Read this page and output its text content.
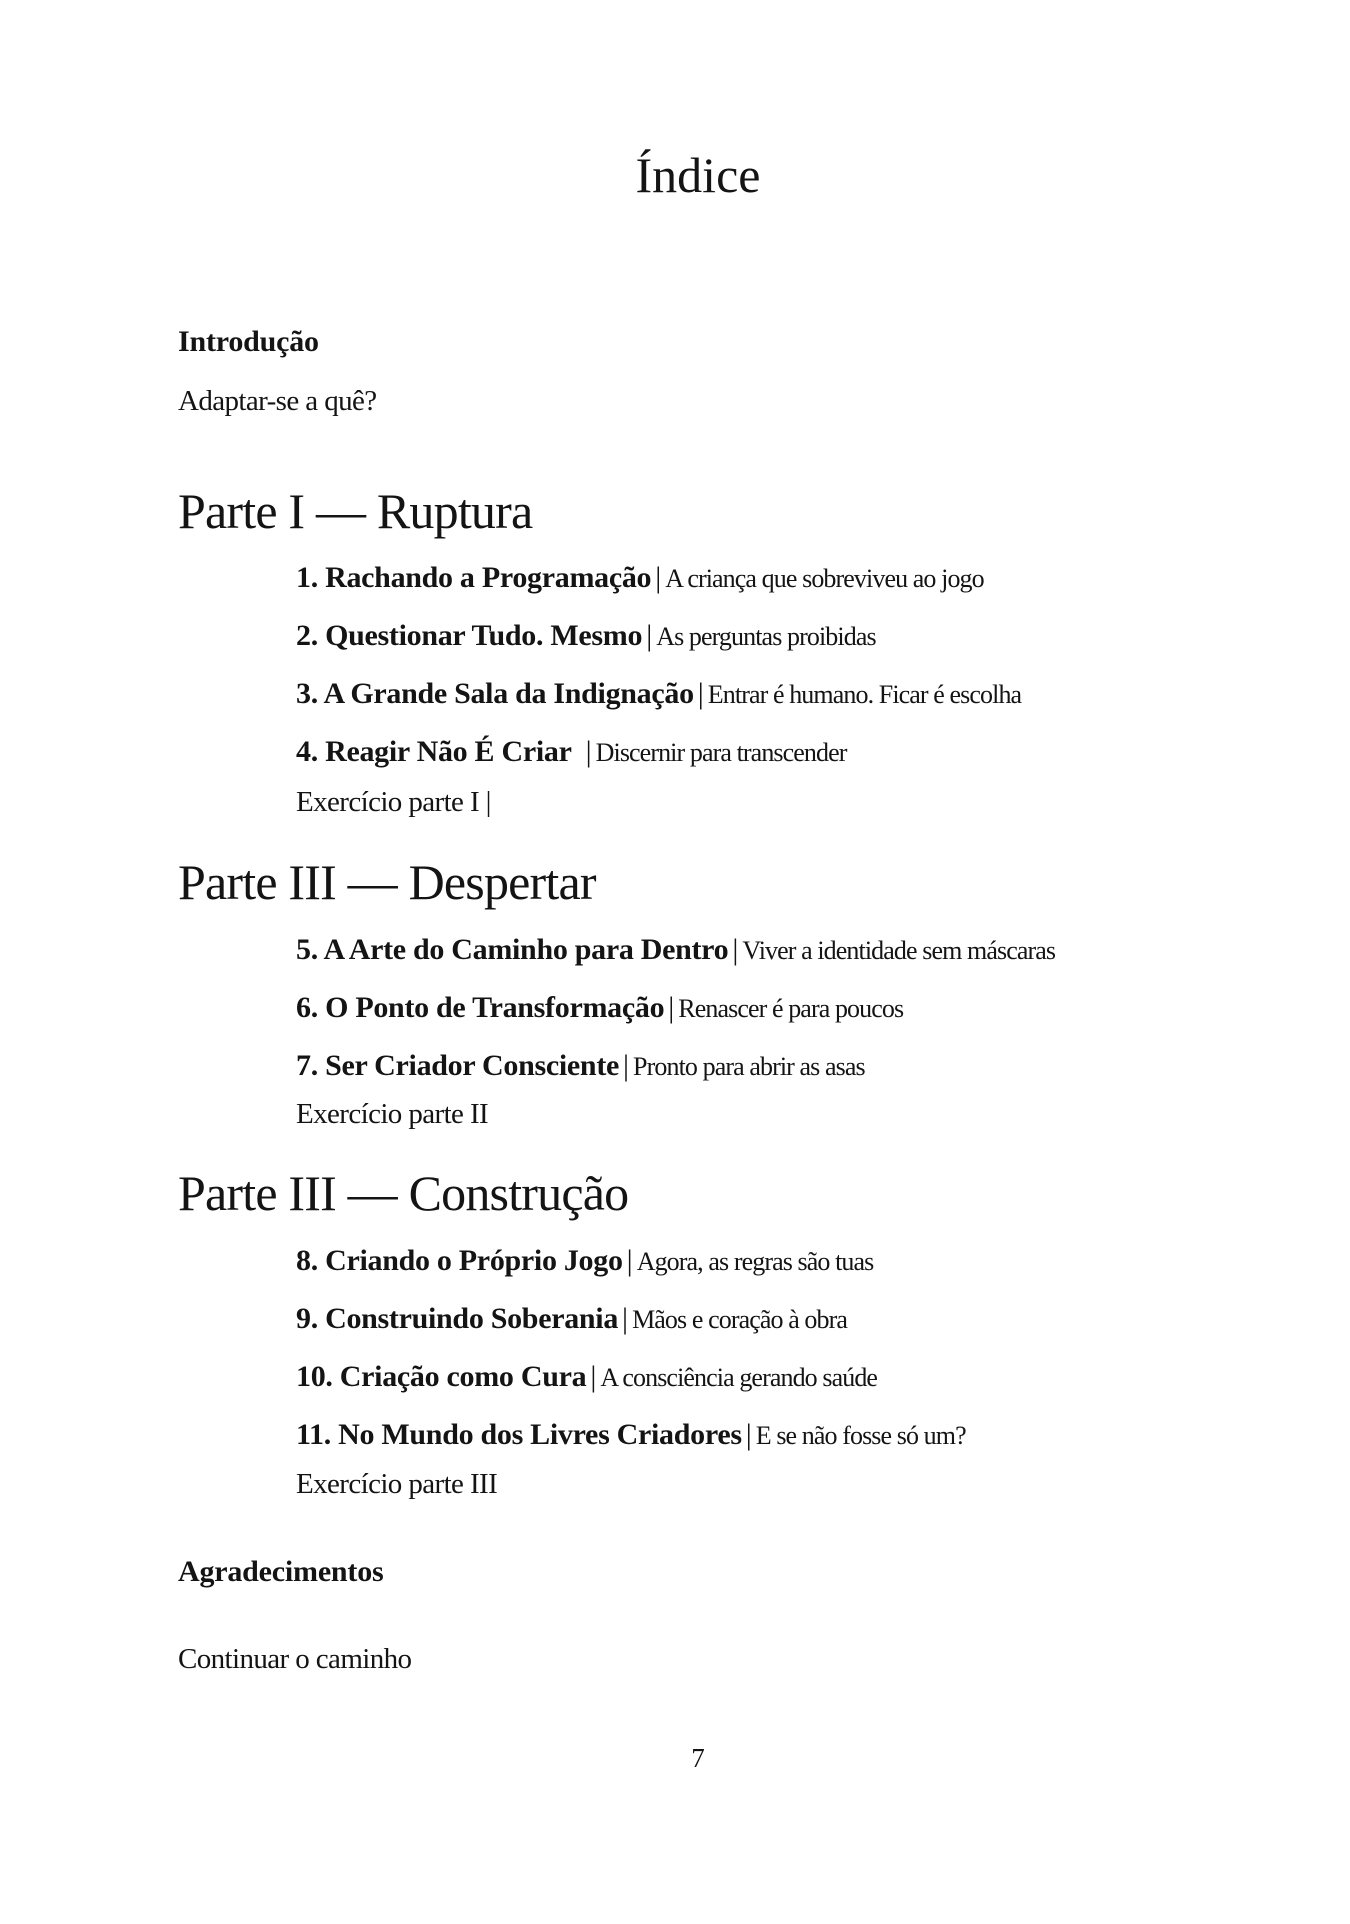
Índice

Introdução

Adaptar-se a quê?

Parte I — Ruptura
1. Rachando a Programação | A criança que sobreviveu ao jogo
2. Questionar Tudo. Mesmo | As perguntas proibidas
3. A Grande Sala da Indignação | Entrar é humano. Ficar é escolha
4. Reagir Não É Criar | Discernir para transcender

Exercício parte I |

Parte III — Despertar
5. A Arte do Caminho para Dentro | Viver a identidade sem máscaras
6. O Ponto de Transformação | Renascer é para poucos
7. Ser Criador Consciente | Pronto para abrir as asas

Exercício parte II

Parte III — Construção
8. Criando o Próprio Jogo | Agora, as regras são tuas
9. Construindo Soberania | Mãos e coração à obra
10. Criação como Cura | A consciência gerando saúde
11. No Mundo dos Livres Criadores | E se não fosse só um?

Exercício parte III

Agradecimentos

Continuar o caminho

7
